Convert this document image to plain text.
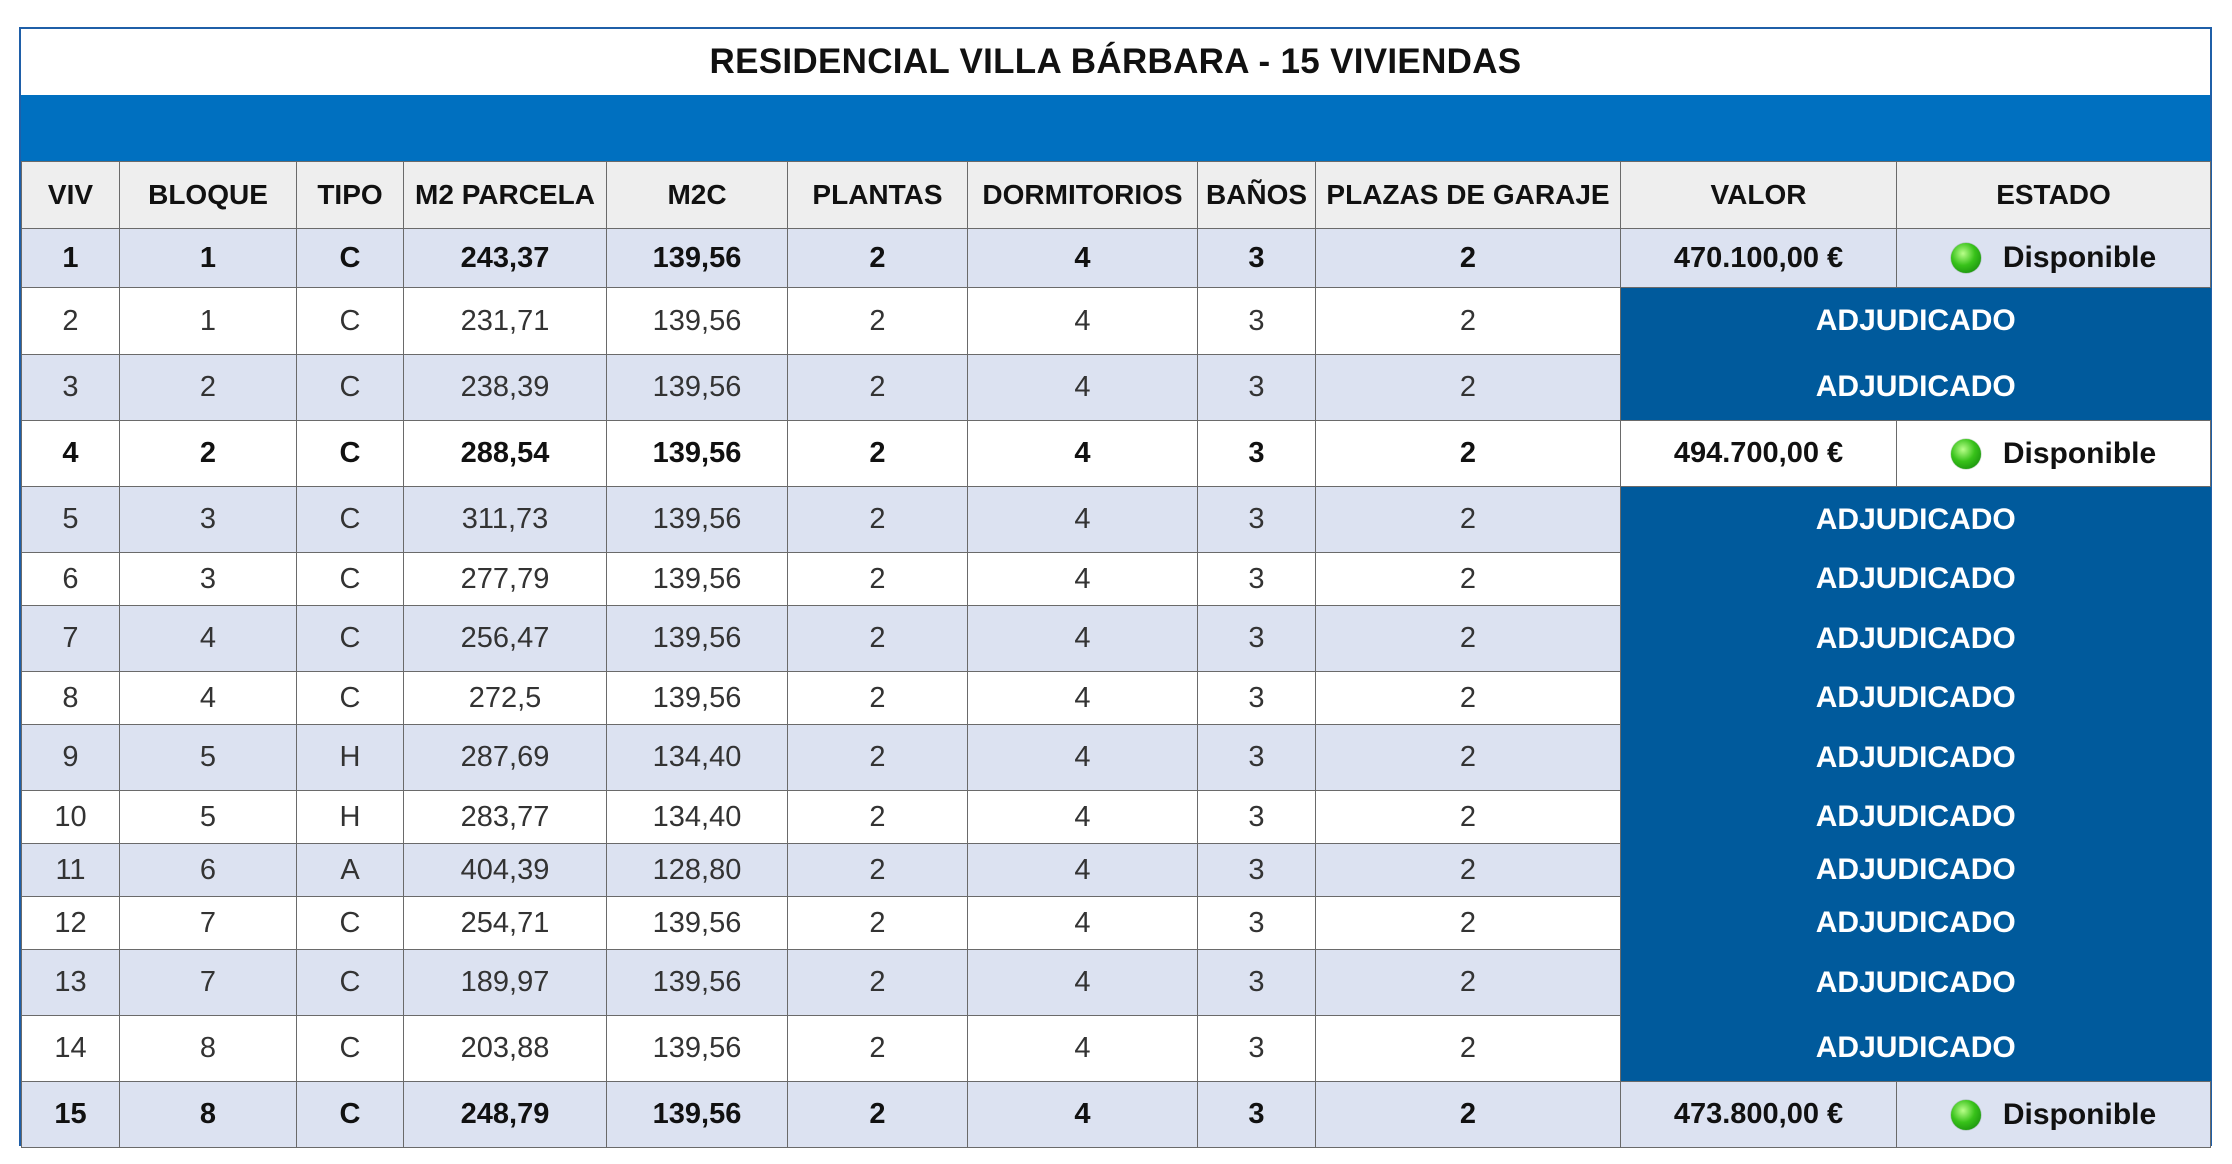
RESIDENCIAL VILLA BÁRBARA - 15 VIVIENDAS
VIV	BLOQUE	TIPO	M2 PARCELA	M2C	PLANTAS	DORMITORIOS	BAÑOS	PLAZAS DE GARAJE	VALOR	ESTADO
1	1	C	243,37	139,56	2	4	3	2	470.100,00 €	Disponible

2	1	C	231,71	139,56	2	4	3	2	ADJUDICADO	
3	2	C	238,39	139,56	2	4	3	2	ADJUDICADO	
4	2	C	288,54	139,56	2	4	3	2	494.700,00 €	Disponible

5	3	C	311,73	139,56	2	4	3	2	ADJUDICADO	
6	3	C	277,79	139,56	2	4	3	2	ADJUDICADO	
7	4	C	256,47	139,56	2	4	3	2	ADJUDICADO	
8	4	C	272,5	139,56	2	4	3	2	ADJUDICADO	
9	5	H	287,69	134,40	2	4	3	2	ADJUDICADO	
10	5	H	283,77	134,40	2	4	3	2	ADJUDICADO	
11	6	A	404,39	128,80	2	4	3	2	ADJUDICADO	
12	7	C	254,71	139,56	2	4	3	2	ADJUDICADO	
13	7	C	189,97	139,56	2	4	3	2	ADJUDICADO	
14	8	C	203,88	139,56	2	4	3	2	ADJUDICADO	
15	8	C	248,79	139,56	2	4	3	2	473.800,00 €	Disponible
